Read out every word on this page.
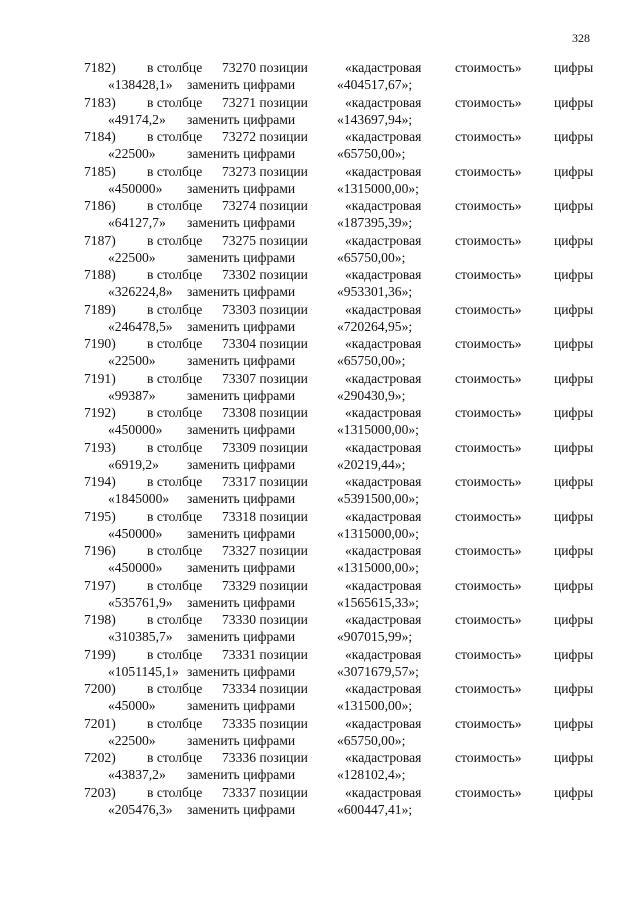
328
7182) в столбце 73270 позиции	«кадастровая стоимость» цифры
«138428,1» заменить цифрами	«404517,67»;
7183) в столбце 73271 позиции	«кадастровая стоимость» цифры
«49174,2» заменить цифрами	«143697,94»;
7184) в столбце 73272 позиции	«кадастровая стоимость» цифры
«22500» заменить цифрами	«65750,00»;
7185) в столбце 73273 позиции	«кадастровая стоимость» цифры
«450000» заменить цифрами	«1315000,00»;
7186) в столбце 73274 позиции	«кадастровая стоимость» цифры
«64127,7» заменить цифрами	«187395,39»;
7187) в столбце 73275 позиции	«кадастровая стоимость» цифры
«22500» заменить цифрами	«65750,00»;
7188) в столбце 73302 позиции	«кадастровая стоимость» цифры
«326224,8» заменить цифрами	«953301,36»;
7189) в столбце 73303 позиции	«кадастровая стоимость» цифры
«246478,5» заменить цифрами	«720264,95»;
7190) в столбце 73304 позиции	«кадастровая стоимость» цифры
«22500» заменить цифрами	«65750,00»;
7191) в столбце 73307 позиции	«кадастровая стоимость» цифры
«99387» заменить цифрами	«290430,9»;
7192) в столбце 73308 позиции	«кадастровая стоимость» цифры
«450000» заменить цифрами	«1315000,00»;
7193) в столбце 73309 позиции	«кадастровая стоимость» цифры
«6919,2» заменить цифрами	«20219,44»;
7194) в столбце 73317 позиции	«кадастровая стоимость» цифры
«1845000» заменить цифрами	«5391500,00»;
7195) в столбце 73318 позиции	«кадастровая стоимость» цифры
«450000» заменить цифрами	«1315000,00»;
7196) в столбце 73327 позиции	«кадастровая стоимость» цифры
«450000» заменить цифрами	«1315000,00»;
7197) в столбце 73329 позиции	«кадастровая стоимость» цифры
«535761,9» заменить цифрами	«1565615,33»;
7198) в столбце 73330 позиции	«кадастровая стоимость» цифры
«310385,7» заменить цифрами	«907015,99»;
7199) в столбце 73331 позиции	«кадастровая стоимость» цифры
«1051145,1» заменить цифрами	«3071679,57»;
7200) в столбце 73334 позиции	«кадастровая стоимость» цифры
«45000» заменить цифрами	«131500,00»;
7201) в столбце 73335 позиции	«кадастровая стоимость» цифры
«22500» заменить цифрами	«65750,00»;
7202) в столбце 73336 позиции	«кадастровая стоимость» цифры
«43837,2» заменить цифрами	«128102,4»;
7203) в столбце 73337 позиции	«кадастровая стоимость» цифры
«205476,3» заменить цифрами	«600447,41»;
